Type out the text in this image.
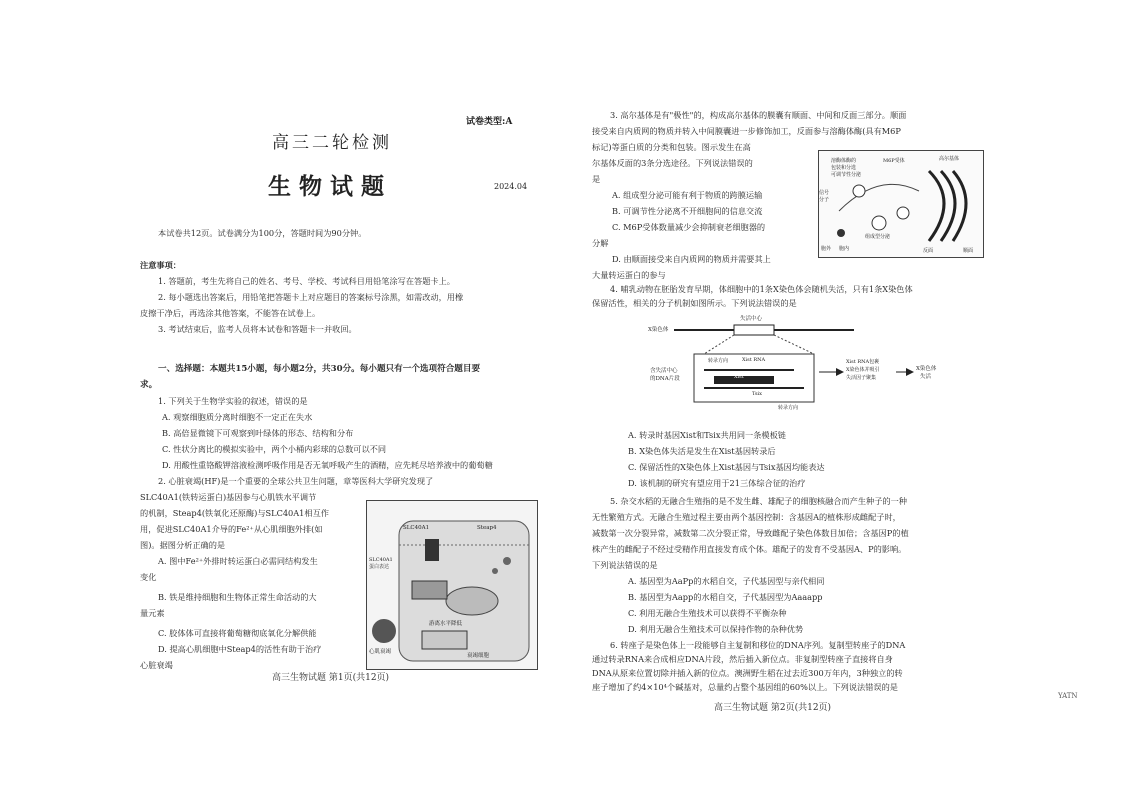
试卷类型:A
高三二轮检测
生物试题	2024.04
本试卷共12页。试卷满分为100分，答题时间为90分钟。
注意事项：
1. 答题前，考生先将自己的姓名、考号、学校、考试科目用铅笔涂写在答题卡上。
2. 每小题选出答案后，用铅笔把答题卡上对应题目的答案标号涂黑，如需改动，用橡
皮擦干净后，再选涂其他答案，不能答在试卷上。
3. 考试结束后，监考人员将本试卷和答题卡一并收回。
一、选择题：本题共15小题，每小题2分，共30分。每小题只有一个选项符合题目要
求。
1. 下列关于生物学实验的叙述，错误的是
A. 观察细胞质分离时细胞不一定正在失水
B. 高倍显微镜下可观察到叶绿体的形态、结构和分布
C. 性状分离比的模拟实验中，两个小桶内彩球的总数可以不同
D. 用酸性重铬酸钾溶液检测呼吸作用是否无氧呼吸产生的酒精，应先耗尽培养液中的葡萄糖
2. 心脏衰竭(HF)是一个重要的全球公共卫生问题，章等医科大学研究发现了
SLC40A1(铁转运蛋白)基因参与心肌铁水平调节
的机制，Steap4(铁氧化还原酶)与SLC40A1相互作
用，促进SLC40A1介导的Fe²⁺从心肌细胞外排(如
图)。据图分析正确的是
A. 图中Fe²⁺外排时转运蛋白必需同结构发生
变化
B. 铁是维持细胞和生物体正常生命活动的大
量元素
C. 胶体体可直接将葡萄糖彻底氧化分解供能
D. 提高心肌细胞中Steap4的活性有助于治疗
心脏衰竭
SLC40A1	Steap4
SLC40A1 蛋白表达
游离水平降低
心肌衰竭
衰竭细胞
高三生物试题 第1页(共12页)
3. 高尔基体是有"极性"的，构成高尔基体的膜囊有顺面、中间和反面三部分。顺面
接受来自内质网的物质并转入中间膜囊进一步修饰加工，反面参与溶酶体酶(具有M6P
标记)等蛋白质的分类和包装。图示发生在高
尔基体反面的3条分选途径。下列说法错误的
是
A. 组成型分泌可能有利于物质的跨膜运输
B. 可调节性分泌离不开细胞间的信息交流
C. M6P受体数量减少会抑制衰老细胞器的
分解
D. 由顺面接受来自内质网的物质并需要其上
大量转运蛋白的参与
溶酶体酶的
包装和分选
可调节性分泌
M6P受体	高尔基体
信号
分子
组成型分泌
胞外 胞内	反面	顺面
4. 哺乳动物在胚胎发育早期，体细胞中的1条X染色体会随机失活，只有1条X染色体
保留活性，相关的分子机制如图所示。下列说法错误的是
失活中心
X染色体
转录方向	Xist RNA
Xist
含失活中心
的DNA片段
Tsix
转录方向
Xist RNA包裹
X染色体并吸引
失活因子聚集
X染色体
失活
A. 转录时基因Xist和Tsix共用同一条模板链
B. X染色体失活是发生在Xist基因转录后
C. 保留活性的X染色体上Xist基因与Tsix基因均能表达
D. 该机制的研究有望应用于21三体综合征的治疗
5. 杂交水稻的无融合生殖指的是不发生雌、雄配子的细胞核融合而产生种子的一种
无性繁殖方式。无融合生殖过程主要由两个基因控制：含基因A的植株形成雌配子时，
减数第一次分裂异常，减数第二次分裂正常，导致雌配子染色体数目加倍；含基因P的植
株产生的雌配子不经过受精作用直接发育成个体。雄配子的发育不受基因A、P的影响。
下列说法错误的是
A. 基因型为AaPp的水稻自交，子代基因型与亲代相同
B. 基因型为Aapp的水稻自交，子代基因型为Aaaapp
C. 利用无融合生殖技术可以获得不平衡杂种
D. 利用无融合生殖技术可以保持作物的杂种优势
6. 转座子是染色体上一段能够自主复制和移位的DNA序列。复制型转座子的DNA
通过转录RNA来合成相应DNA片段，然后插入新位点。非复制型转座子直接将自身
DNA从原来位置切除并插入新的位点。澳洲野生稻在过去近300万年内，3种独立的转
座子增加了约4×10⁴个碱基对，总量约占整个基因组的60%以上。下列说法错误的是
高三生物试题 第2页(共12页)
YATN
